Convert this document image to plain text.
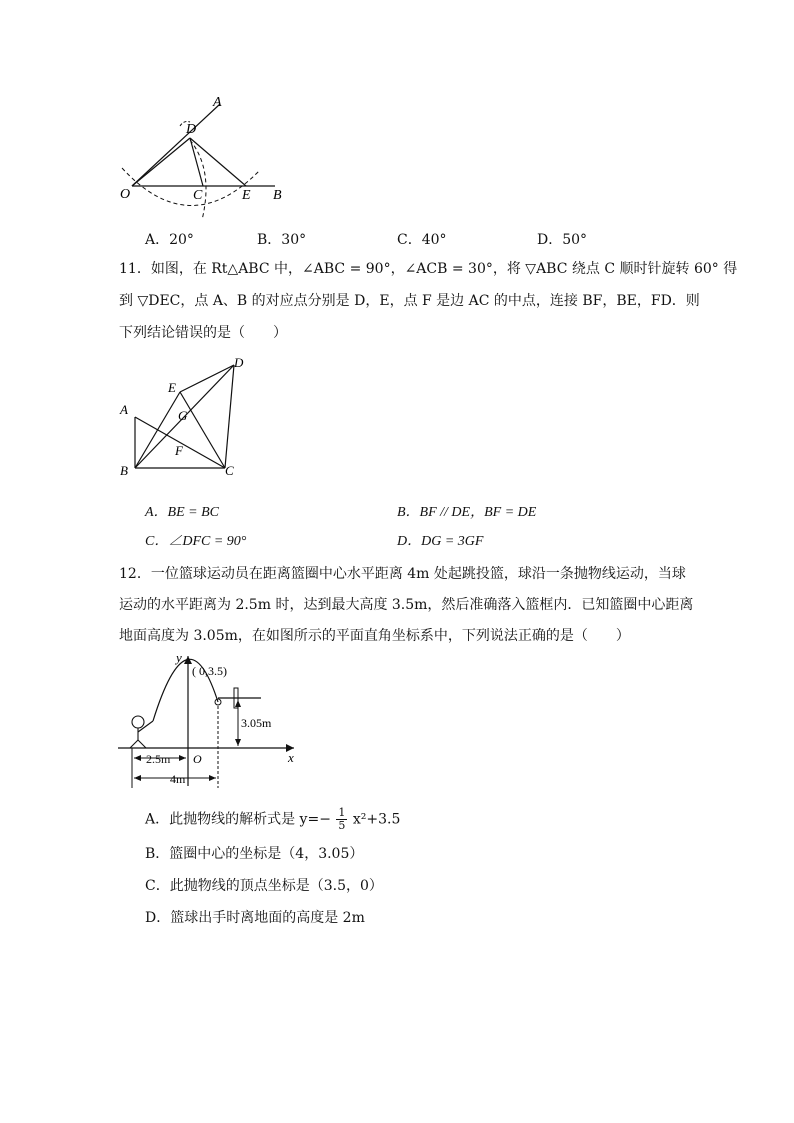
A
D
O	C	E B
A．20°	B．30°	C．40°	D．50°
11．如图，在 Rt△ABC 中，∠ABC = 90°，∠ACB = 30°，将 ▽ABC 绕点 C 顺时针旋转 60° 得
到 ▽DEC，点 A、B 的对应点分别是 D，E，点 F 是边 AC 的中点，连接 BF，BE，FD．则
下列结论错误的是（　　）
D
E
A	G
F
B	C
A．BE = BC	B．BF // DE，BF = DE
C．∠DFC = 90°	D．DG = 3GF
12．一位篮球运动员在距离篮圈中心水平距离 4m 处起跳投篮，球沿一条抛物线运动，当球
运动的水平距离为 2.5m 时，达到最大高度 3.5m，然后准确落入篮框内．已知篮圈中心距离
地面高度为 3.05m，在如图所示的平面直角坐标系中，下列说法正确的是（　　）
y
x
O
( 0,3.5)
3.05m
2.5m
4m
A．此抛物线的解析式是 $y=- \frac{1}{5} x^2+3.5$
B．篮圈中心的坐标是（4，3.05）
C．此抛物线的顶点坐标是（3.5，0）
D．篮球出手时离地面的高度是 2m
